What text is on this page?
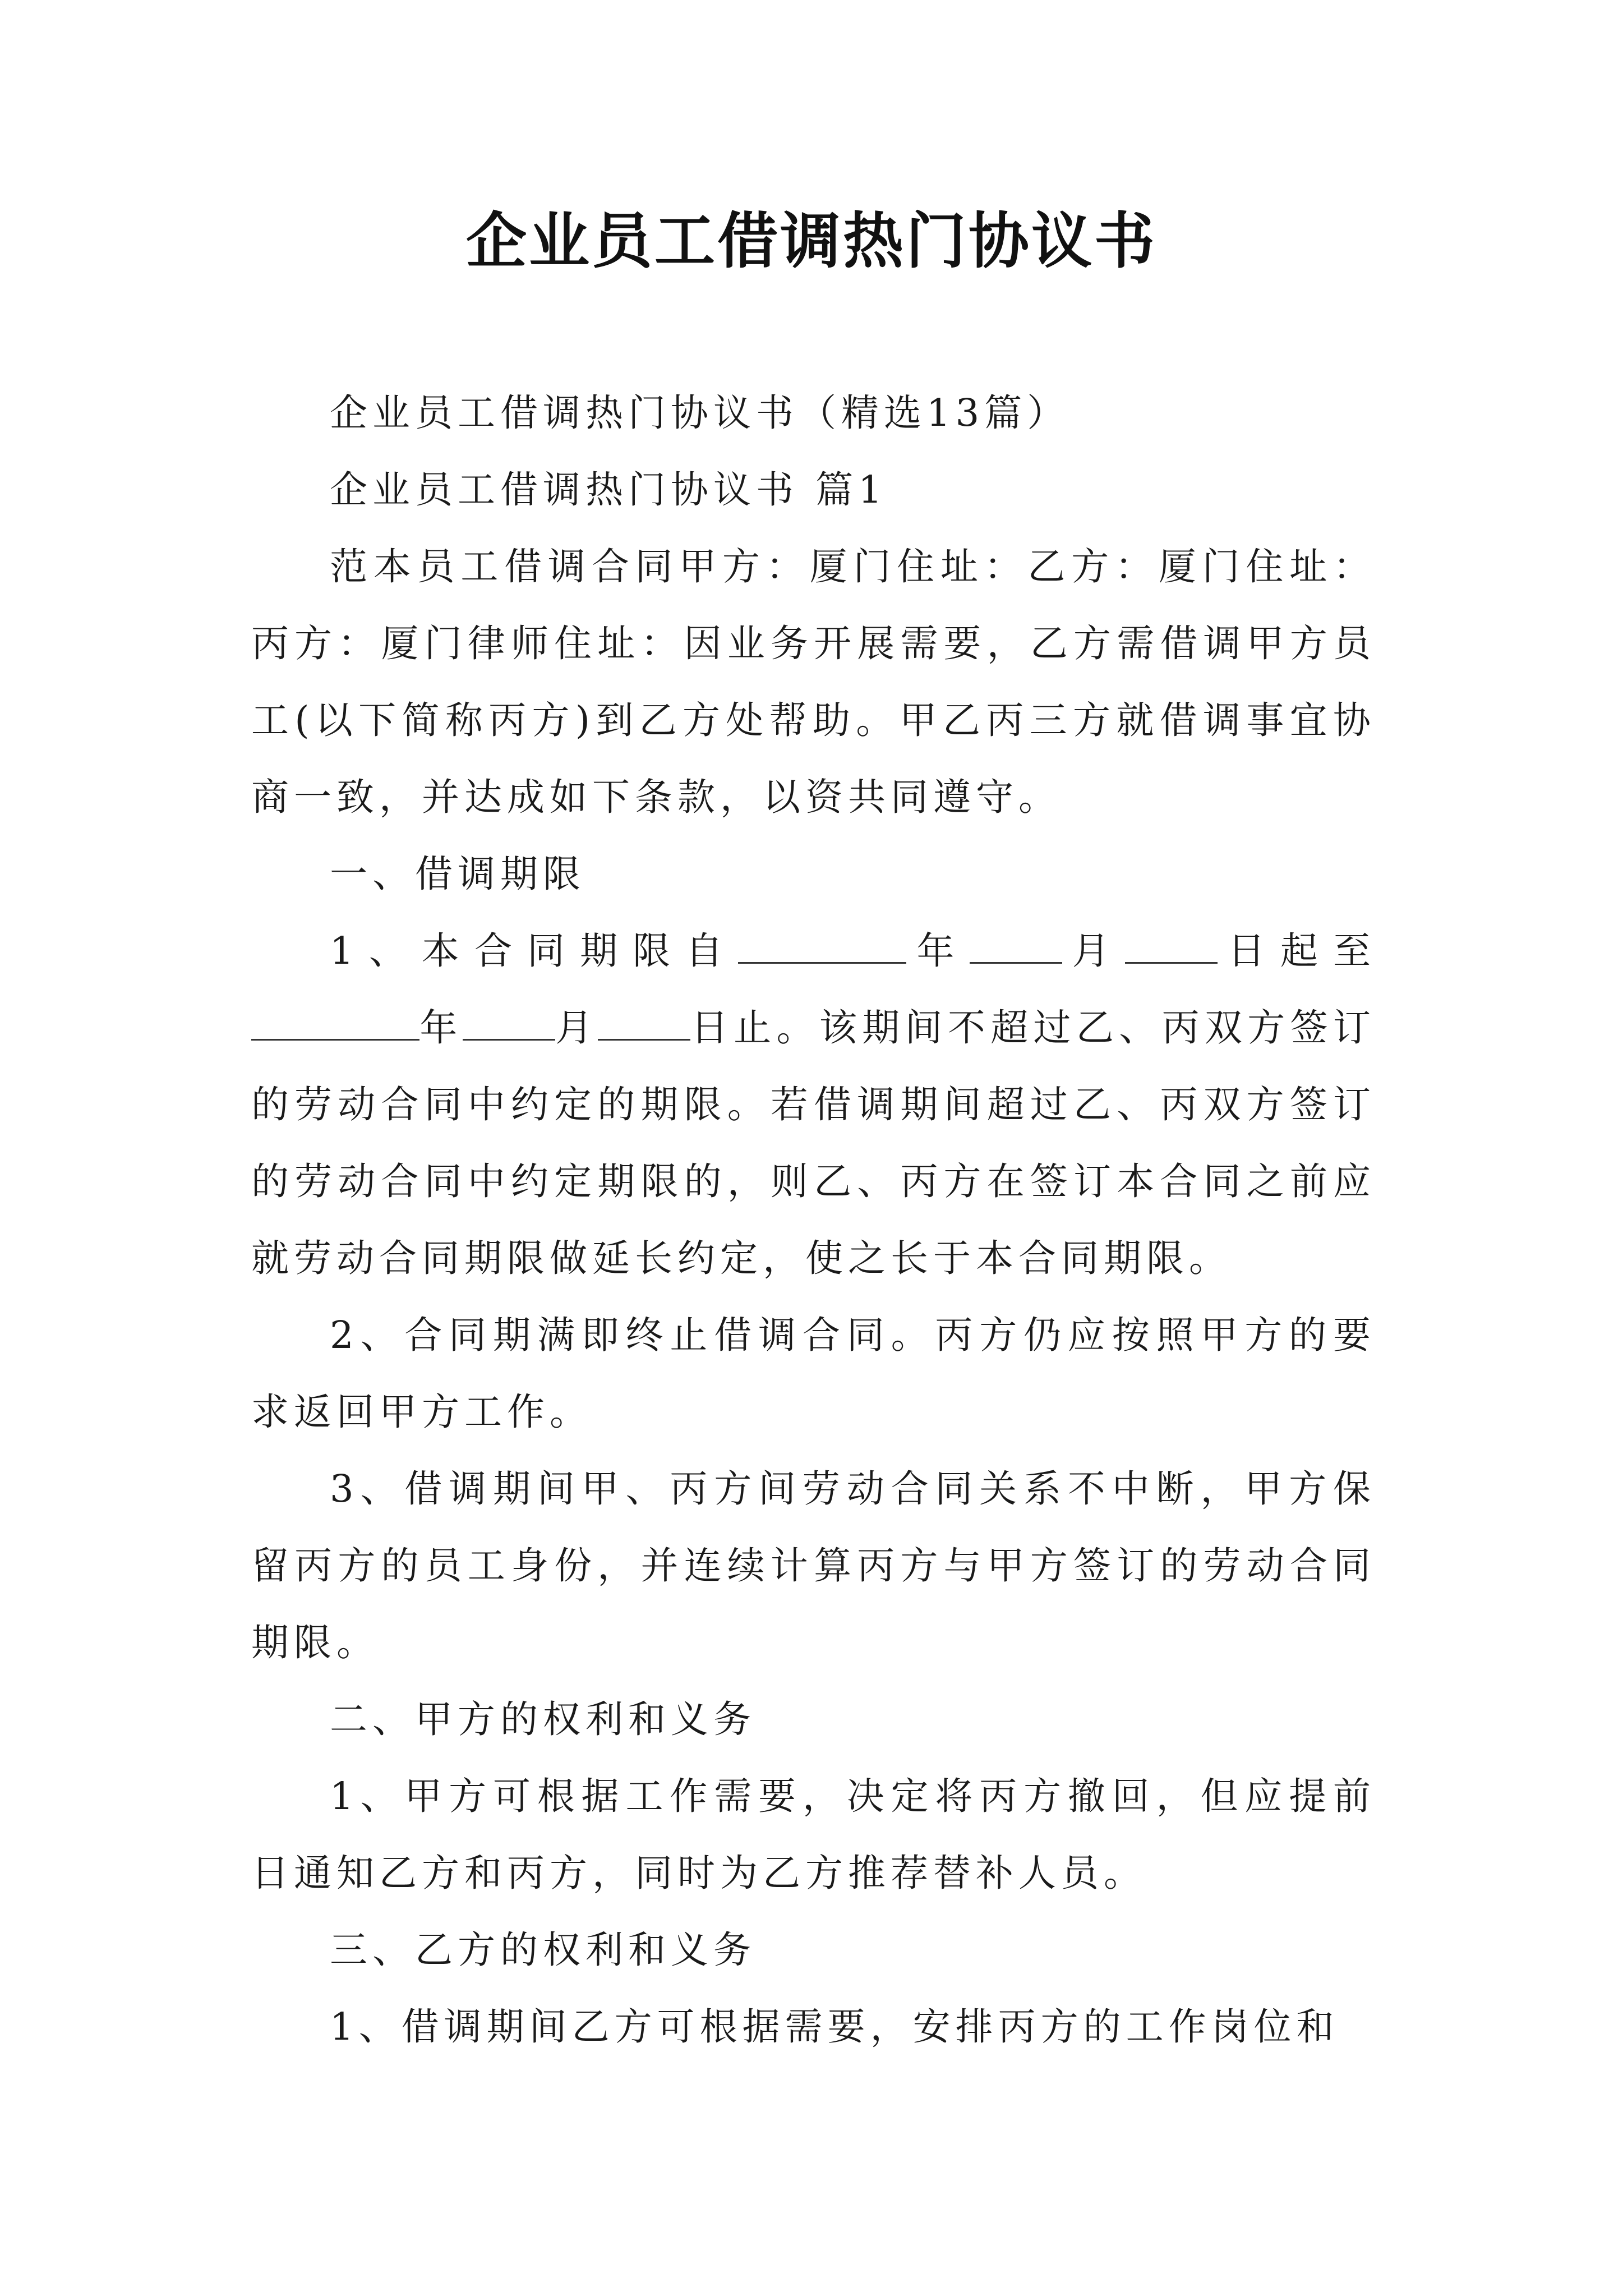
企业员工借调热门协议书

企业员工借调热门协议书（精选13篇）

企业员工借调热门协议书 篇1

范本员工借调合同甲方：厦门住址：乙方：厦门住址：丙方：厦门律师住址：因业务开展需要，乙方需借调甲方员工(以下简称丙方)到乙方处帮助。甲乙丙三方就借调事宜协商一致，并达成如下条款，以资共同遵守。

一、借调期限

1、本合同期限自	年 月 日起至年 月 日止。该期间不超过乙、丙双方签订的劳动合同中约定的期限。若借调期间超过乙、丙双方签订的劳动合同中约定期限的，则乙、丙方在签订本合同之前应就劳动合同期限做延长约定，使之长于本合同期限。

2、合同期满即终止借调合同。丙方仍应按照甲方的要求返回甲方工作。

3、借调期间甲、丙方间劳动合同关系不中断，甲方保留丙方的员工身份，并连续计算丙方与甲方签订的劳动合同期限。

二、甲方的权利和义务

1、甲方可根据工作需要，决定将丙方撤回，但应提前日通知乙方和丙方，同时为乙方推荐替补人员。

三、乙方的权利和义务

1、借调期间乙方可根据需要，安排丙方的工作岗位和
